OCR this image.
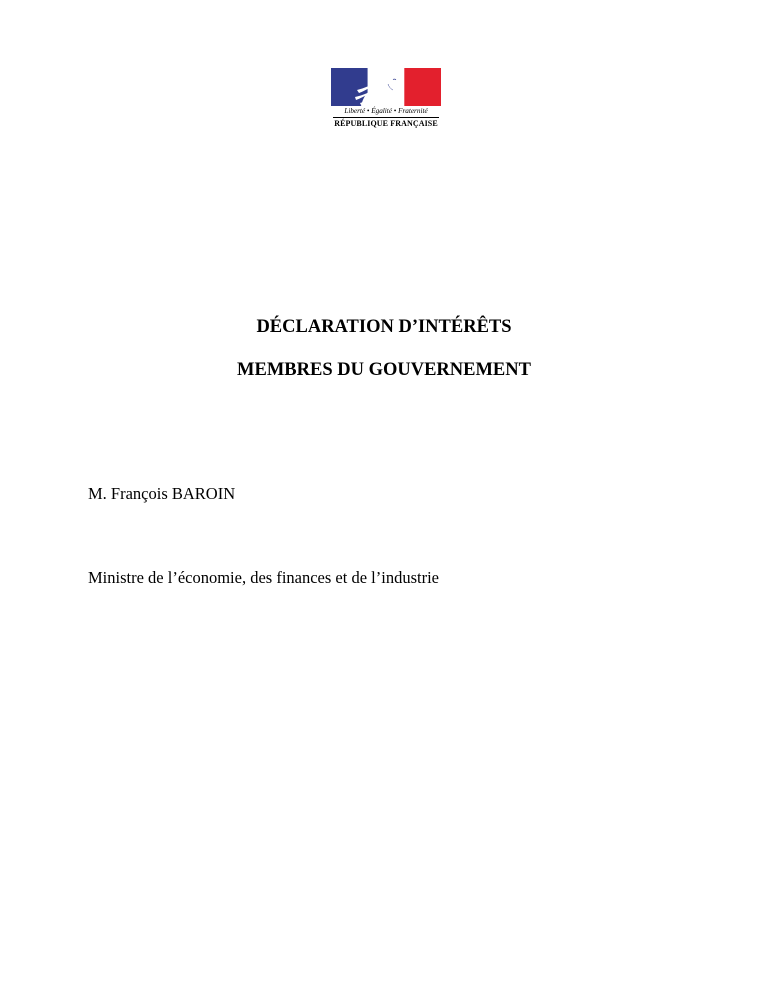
Liberté • Égalité • Fraternité
RÉPUBLIQUE FRANÇAISE
DÉCLARATION D’INTÉRÊTS
MEMBRES DU GOUVERNEMENT
M. François BAROIN
Ministre de l’économie, des finances et de l’industrie
